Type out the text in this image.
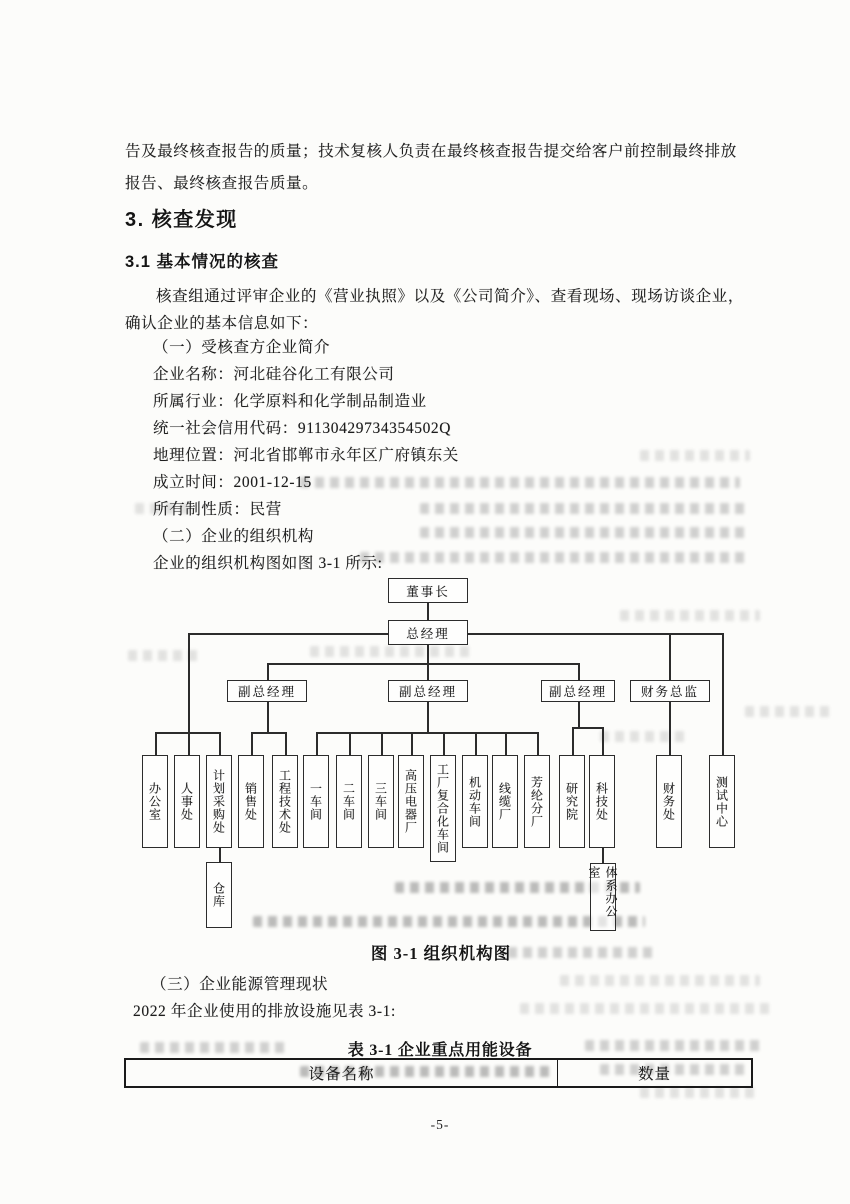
告及最终核查报告的质量；技术复核人负责在最终核查报告提交给客户前控制最终排放
报告、最终核查报告质量。
3. 核查发现
3.1 基本情况的核查
核查组通过评审企业的《营业执照》以及《公司简介》、查看现场、现场访谈企业，
确认企业的基本信息如下：
（一）受核查方企业简介
企业名称：河北硅谷化工有限公司
所属行业：化学原料和化学制品制造业
统一社会信用代码：91130429734354502Q
地理位置：河北省邯郸市永年区广府镇东关
成立时间：2001-12-15
所有制性质：民营
（二）企业的组织机构
企业的组织机构图如图 3-1 所示:
董事长
总经理
副总经理	副总经理	副总经理	财务总监
办公室	人事处	计划采购处	销售处	工程技术处	一车间	二车间	三车间	高压电器厂	工厂复合化车间	机动车间	线缆厂	芳纶分厂	研究院	科技处	财务处	测试中心
仓库	体系办公室
图 3-1 组织机构图
（三）企业能源管理现状
2022 年企业使用的排放设施见表 3-1:
表 3-1 企业重点用能设备
设备名称	数量
-5-
